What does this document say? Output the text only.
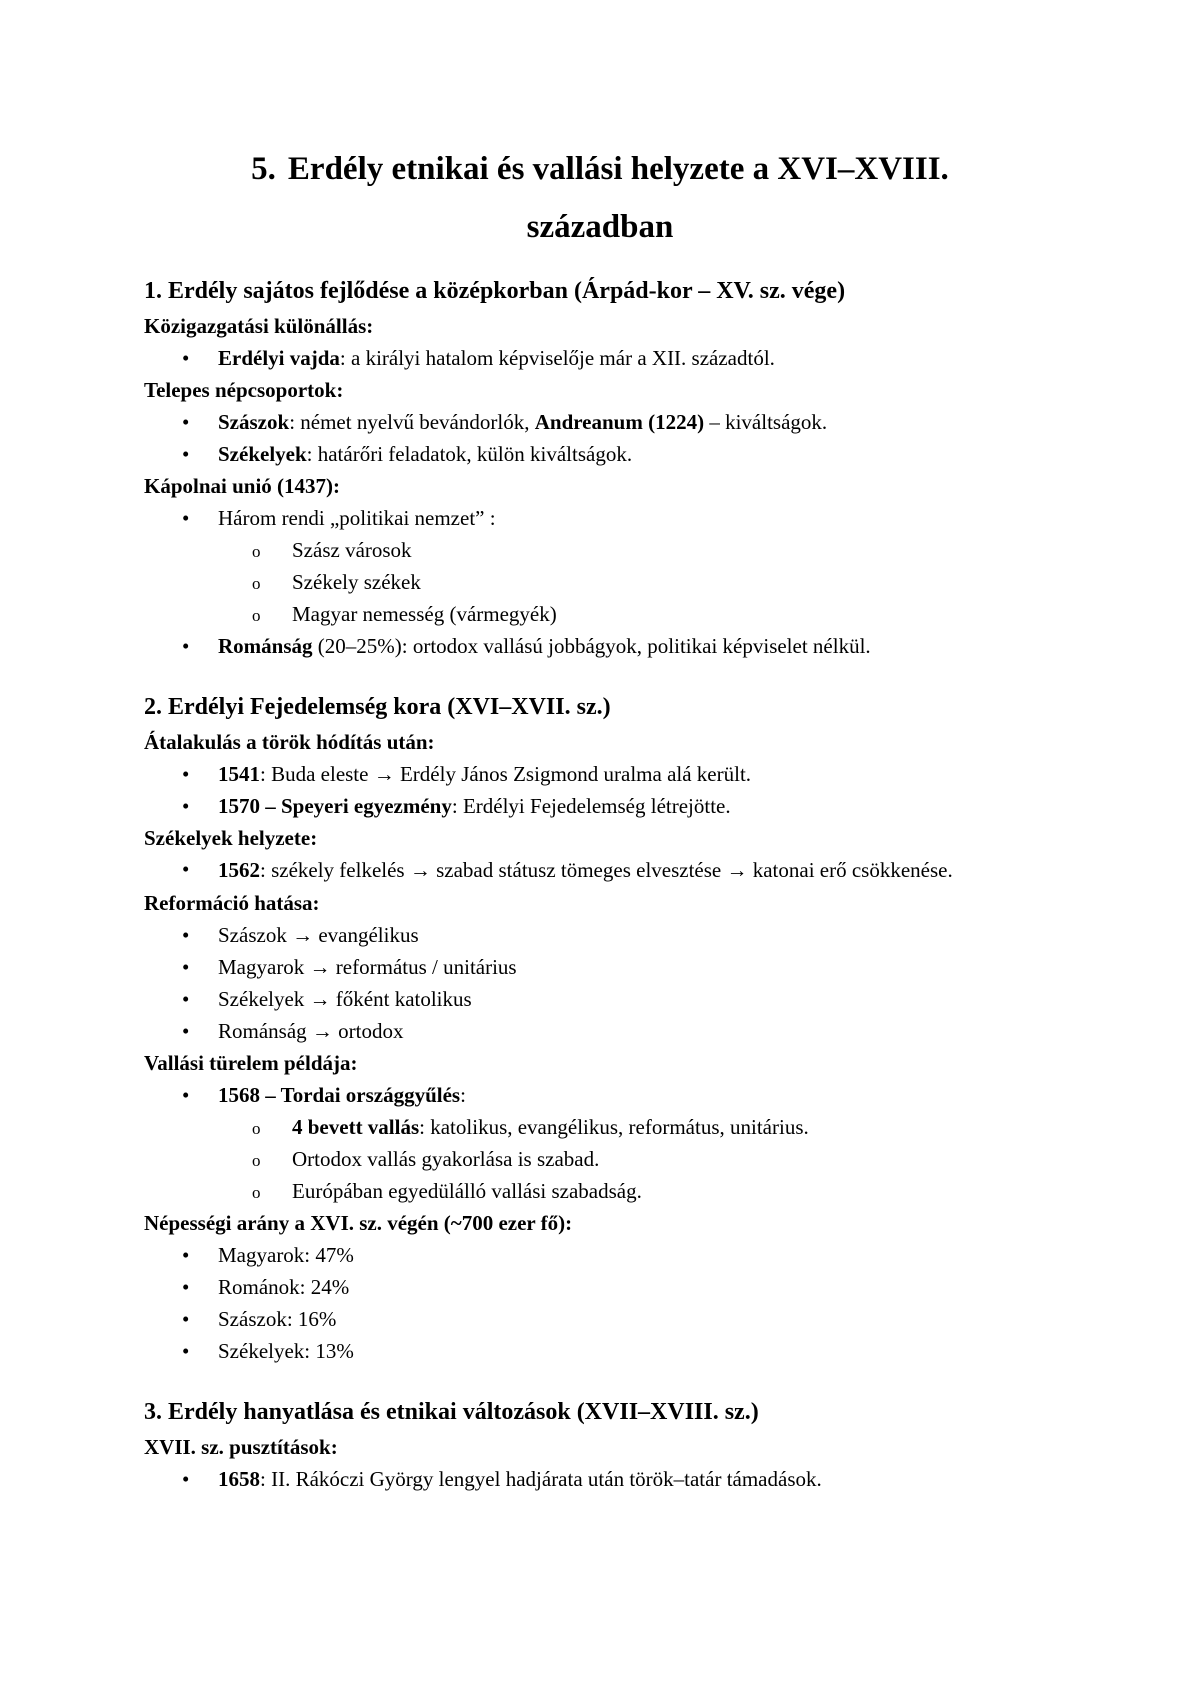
5. Erdély etnikai és vallási helyzete a XVI–XVIII.
században
1. Erdély sajátos fejlődése a középkorban (Árpád-kor – XV. sz. vége)
Közigazgatási különállás:
• Erdélyi vajda: a királyi hatalom képviselője már a XII. századtól.
Telepes népcsoportok:
• Szászok: német nyelvű bevándorlók, Andreanum (1224) – kiváltságok.
• Székelyek: határőri feladatok, külön kiváltságok.
Kápolnai unió (1437):
• Három rendi „politikai nemzet” :
o Szász városok
o Székely székek
o Magyar nemesség (vármegyék)
• Románság (20–25%): ortodox vallású jobbágyok, politikai képviselet nélkül.
2. Erdélyi Fejedelemség kora (XVI–XVII. sz.)
Átalakulás a török hódítás után:
• 1541: Buda eleste → Erdély János Zsigmond uralma alá került.
• 1570 – Speyeri egyezmény: Erdélyi Fejedelemség létrejötte.
Székelyek helyzete:
• 1562: székely felkelés → szabad státusz tömeges elvesztése → katonai erő csökkenése.
Reformáció hatása:
• Szászok → evangélikus
• Magyarok → református / unitárius
• Székelyek → főként katolikus
• Románság → ortodox
Vallási türelem példája:
• 1568 – Tordai országgyűlés:
o 4 bevett vallás: katolikus, evangélikus, református, unitárius.
o Ortodox vallás gyakorlása is szabad.
o Európában egyedülálló vallási szabadság.
Népességi arány a XVI. sz. végén (~700 ezer fő):
• Magyarok: 47%
• Románok: 24%
• Szászok: 16%
• Székelyek: 13%
3. Erdély hanyatlása és etnikai változások (XVII–XVIII. sz.)
XVII. sz. pusztítások:
• 1658: II. Rákóczi György lengyel hadjárata után török–tatár támadások.
